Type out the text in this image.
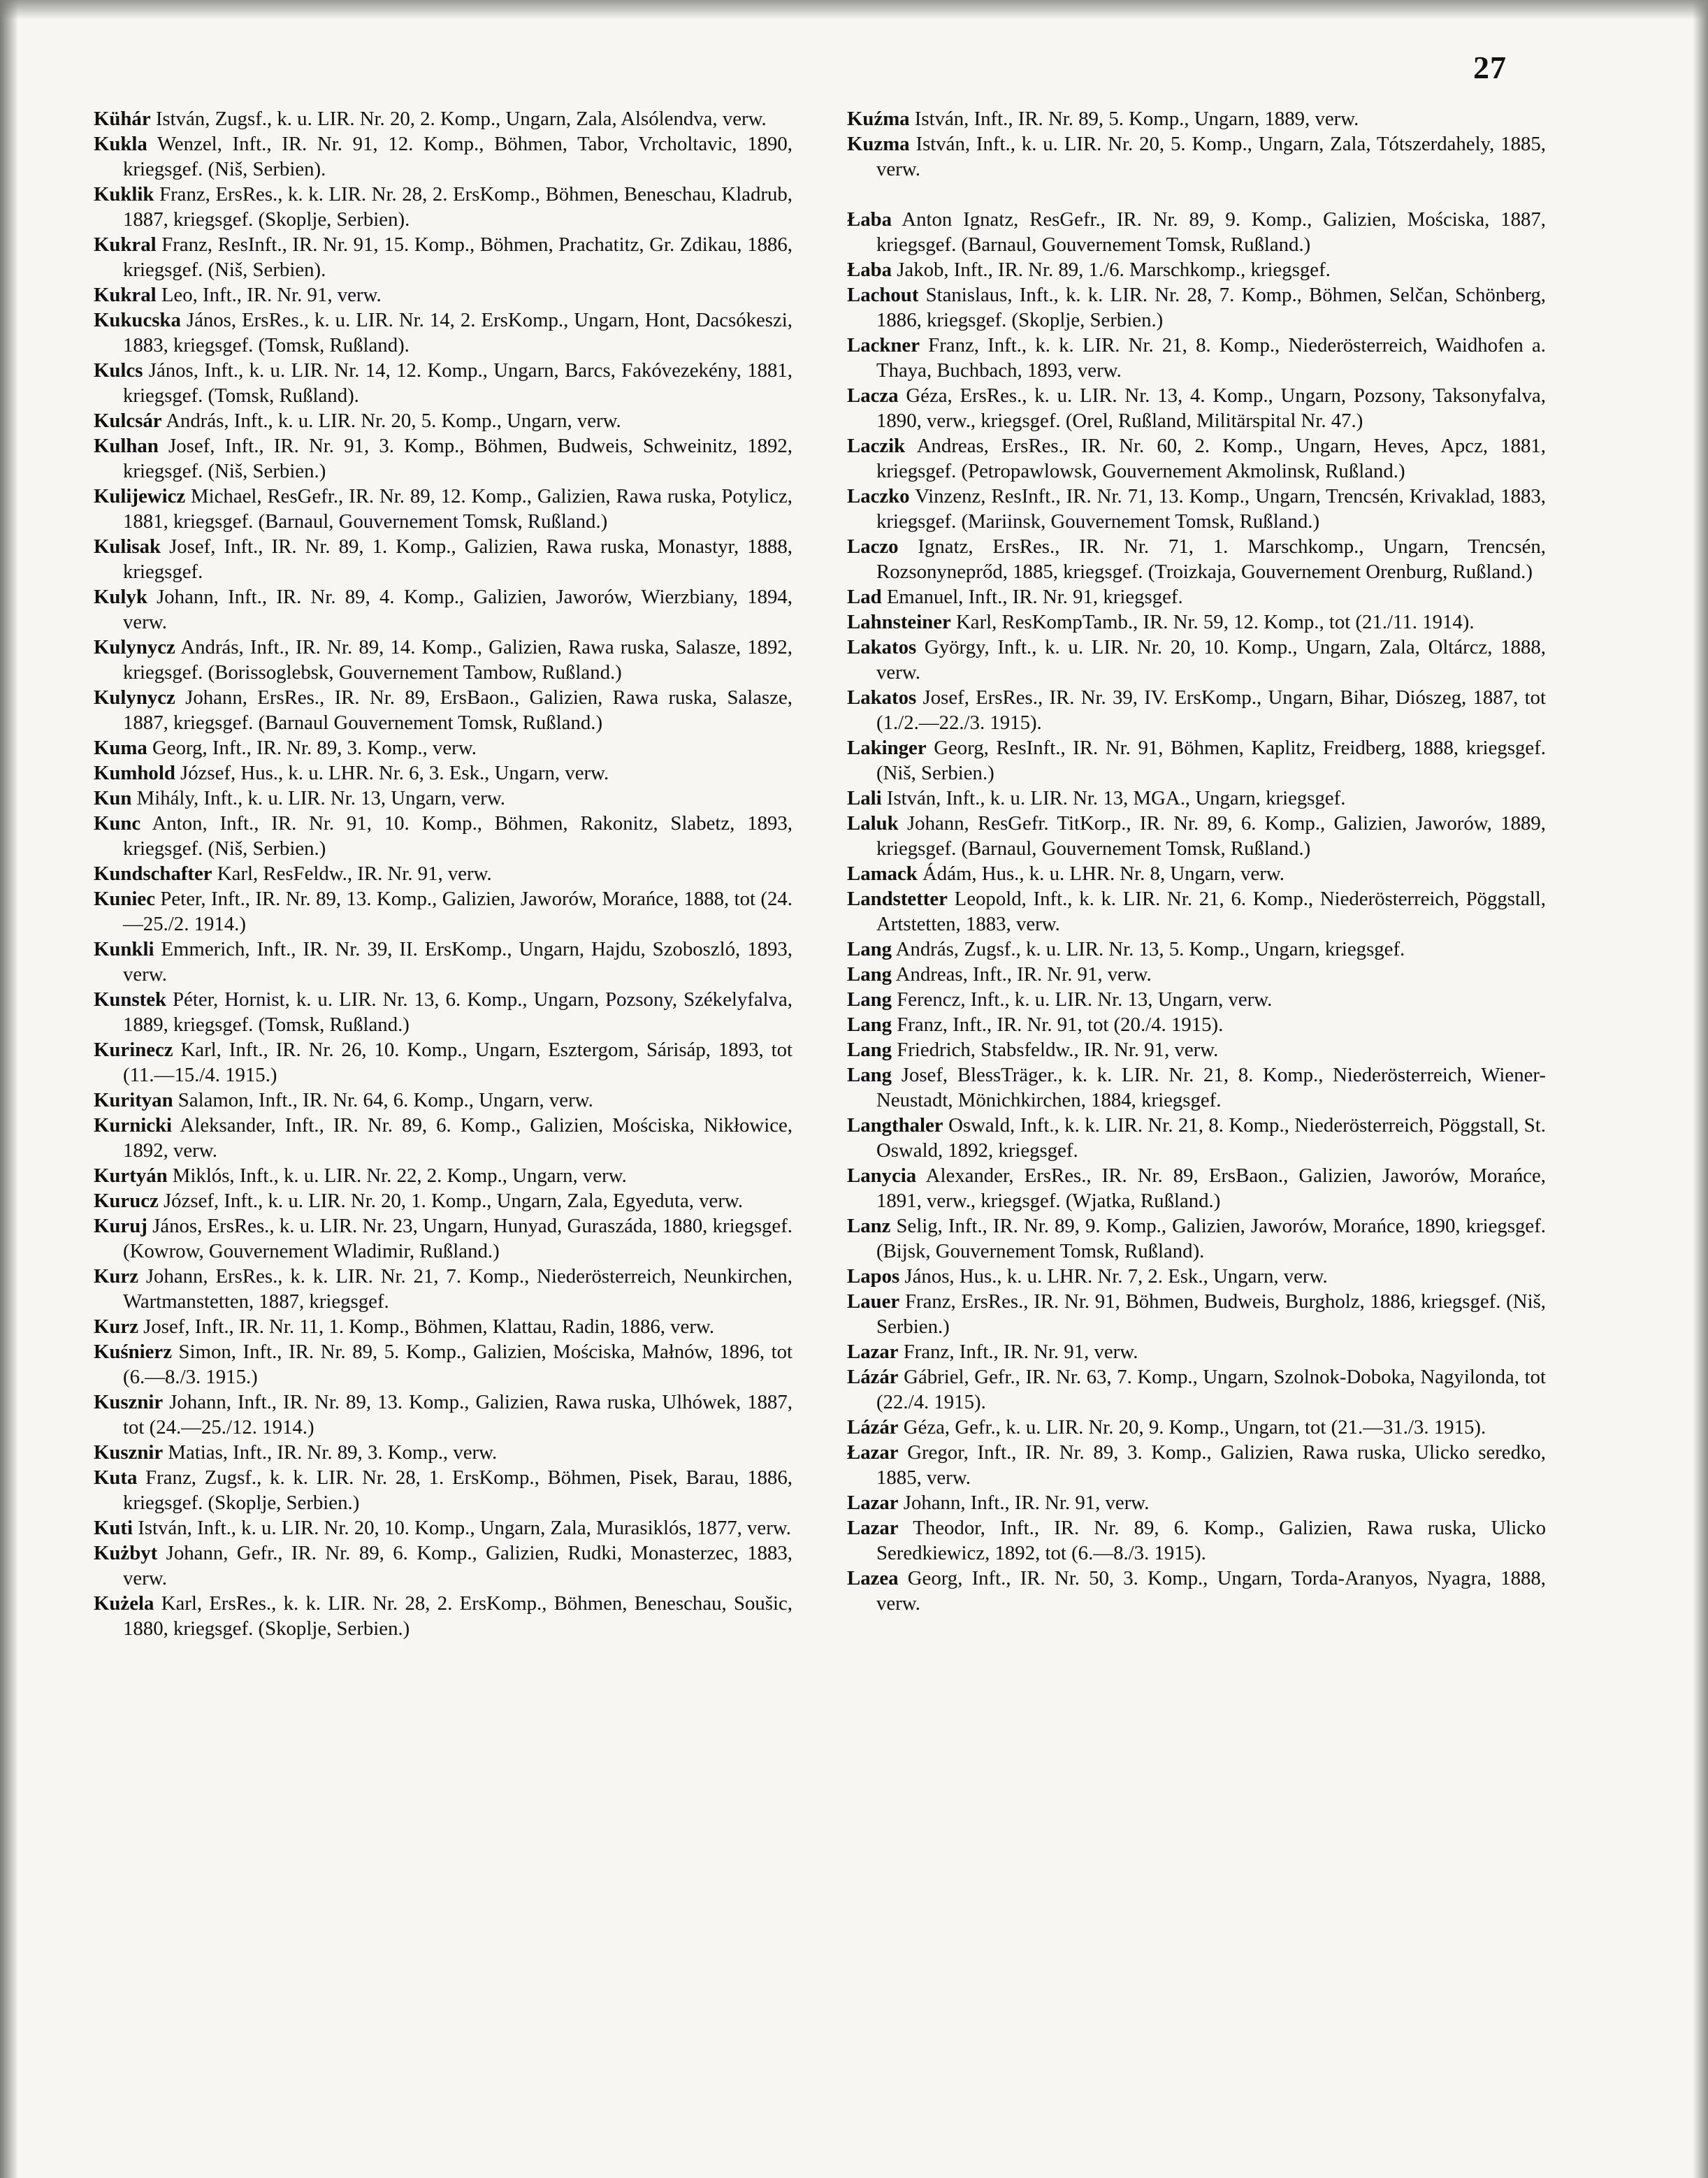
27

Kühár István, Zugsf., k. u. LIR. Nr. 20, 2. Komp., Ungarn, Zala, Alsólendva, verw.

Kukla Wenzel, Inft., IR. Nr. 91, 12. Komp., Böhmen, Tabor, Vrcholtavic, 1890, kriegsgef. (Niš, Serbien).

Kuklik Franz, ErsRes., k. k. LIR. Nr. 28, 2. ErsKomp., Böhmen, Beneschau, Kladrub, 1887, kriegsgef. (Skoplje, Serbien).

Kukral Franz, ResInft., IR. Nr. 91, 15. Komp., Böhmen, Prachatitz, Gr. Zdikau, 1886, kriegsgef. (Niš, Serbien).

Kukral Leo, Inft., IR. Nr. 91, verw.

Kukucska János, ErsRes., k. u. LIR. Nr. 14, 2. ErsKomp., Ungarn, Hont, Dacsókeszi, 1883, kriegsgef. (Tomsk, Rußland).

Kulcs János, Inft., k. u. LIR. Nr. 14, 12. Komp., Ungarn, Barcs, Fakóvezekény, 1881, kriegsgef. (Tomsk, Rußland).

Kulcsár András, Inft., k. u. LIR. Nr. 20, 5. Komp., Ungarn, verw.

Kulhan Josef, Inft., IR. Nr. 91, 3. Komp., Böhmen, Budweis, Schweinitz, 1892, kriegsgef. (Niš, Serbien.)

Kulijewicz Michael, ResGefr., IR. Nr. 89, 12. Komp., Galizien, Rawa ruska, Potylicz, 1881, kriegsgef. (Barnaul, Gouvernement Tomsk, Rußland.)

Kulisak Josef, Inft., IR. Nr. 89, 1. Komp., Galizien, Rawa ruska, Monastyr, 1888, kriegsgef.

Kulyk Johann, Inft., IR. Nr. 89, 4. Komp., Galizien, Jaworów, Wierzbiany, 1894, verw.

Kulynycz András, Inft., IR. Nr. 89, 14. Komp., Galizien, Rawa ruska, Salasze, 1892, kriegsgef. (Borissoglebsk, Gouvernement Tambow, Rußland.)

Kulynycz Johann, ErsRes., IR. Nr. 89, ErsBaon., Galizien, Rawa ruska, Salasze, 1887, kriegsgef. (Barnaul Gouvernement Tomsk, Rußland.)

Kuma Georg, Inft., IR. Nr. 89, 3. Komp., verw.

Kumhold József, Hus., k. u. LHR. Nr. 6, 3. Esk., Ungarn, verw.

Kun Mihály, Inft., k. u. LIR. Nr. 13, Ungarn, verw.

Kunc Anton, Inft., IR. Nr. 91, 10. Komp., Böhmen, Rakonitz, Slabetz, 1893, kriegsgef. (Niš, Serbien.)

Kundschafter Karl, ResFeldw., IR. Nr. 91, verw.

Kuniec Peter, Inft., IR. Nr. 89, 13. Komp., Galizien, Jaworów, Morańce, 1888, tot (24.—25./2. 1914.)

Kunkli Emmerich, Inft., IR. Nr. 39, II. ErsKomp., Ungarn, Hajdu, Szoboszló, 1893, verw.

Kunstek Péter, Hornist, k. u. LIR. Nr. 13, 6. Komp., Ungarn, Pozsony, Székelyfalva, 1889, kriegsgef. (Tomsk, Rußland.)

Kurinecz Karl, Inft., IR. Nr. 26, 10. Komp., Ungarn, Esztergom, Sárisáp, 1893, tot (11.—15./4. 1915.)

Kurityan Salamon, Inft., IR. Nr. 64, 6. Komp., Ungarn, verw.

Kurnicki Aleksander, Inft., IR. Nr. 89, 6. Komp., Galizien, Mościska, Nikłowice, 1892, verw.

Kurtyán Miklós, Inft., k. u. LIR. Nr. 22, 2. Komp., Ungarn, verw.

Kurucz József, Inft., k. u. LIR. Nr. 20, 1. Komp., Ungarn, Zala, Egyeduta, verw.

Kuruj János, ErsRes., k. u. LIR. Nr. 23, Ungarn, Hunyad, Guraszáda, 1880, kriegsgef. (Kowrow, Gouvernement Wladimir, Rußland.)

Kurz Johann, ErsRes., k. k. LIR. Nr. 21, 7. Komp., Niederösterreich, Neunkirchen, Wartmanstetten, 1887, kriegsgef.

Kurz Josef, Inft., IR. Nr. 11, 1. Komp., Böhmen, Klattau, Radin, 1886, verw.

Kuśnierz Simon, Inft., IR. Nr. 89, 5. Komp., Galizien, Mościska, Małnów, 1896, tot (6.—8./3. 1915.)

Kusznir Johann, Inft., IR. Nr. 89, 13. Komp., Galizien, Rawa ruska, Ulhówek, 1887, tot (24.—25./12. 1914.)

Kusznir Matias, Inft., IR. Nr. 89, 3. Komp., verw.

Kuta Franz, Zugsf., k. k. LIR. Nr. 28, 1. ErsKomp., Böhmen, Pisek, Barau, 1886, kriegsgef. (Skoplje, Serbien.)

Kuti István, Inft., k. u. LIR. Nr. 20, 10. Komp., Ungarn, Zala, Murasiklós, 1877, verw.

Kużbyt Johann, Gefr., IR. Nr. 89, 6. Komp., Galizien, Rudki, Monasterzec, 1883, verw.

Kużela Karl, ErsRes., k. k. LIR. Nr. 28, 2. ErsKomp., Böhmen, Beneschau, Soušic, 1880, kriegsgef. (Skoplje, Serbien.)

Kuźma István, Inft., IR. Nr. 89, 5. Komp., Ungarn, 1889, verw.

Kuzma István, Inft., k. u. LIR. Nr. 20, 5. Komp., Ungarn, Zala, Tótszerdahely, 1885, verw.

Łaba Anton Ignatz, ResGefr., IR. Nr. 89, 9. Komp., Galizien, Mościska, 1887, kriegsgef. (Barnaul, Gouvernement Tomsk, Rußland.)

Łaba Jakob, Inft., IR. Nr. 89, 1./6. Marschkomp., kriegsgef.

Lachout Stanislaus, Inft., k. k. LIR. Nr. 28, 7. Komp., Böhmen, Selčan, Schönberg, 1886, kriegsgef. (Skoplje, Serbien.)

Lackner Franz, Inft., k. k. LIR. Nr. 21, 8. Komp., Niederösterreich, Waidhofen a. Thaya, Buchbach, 1893, verw.

Lacza Géza, ErsRes., k. u. LIR. Nr. 13, 4. Komp., Ungarn, Pozsony, Taksonyfalva, 1890, verw., kriegsgef. (Orel, Rußland, Militärspital Nr. 47.)

Laczik Andreas, ErsRes., IR. Nr. 60, 2. Komp., Ungarn, Heves, Apcz, 1881, kriegsgef. (Petropawlowsk, Gouvernement Akmolinsk, Rußland.)

Laczko Vinzenz, ResInft., IR. Nr. 71, 13. Komp., Ungarn, Trencsén, Krivaklad, 1883, kriegsgef. (Mariinsk, Gouvernement Tomsk, Rußland.)

Laczo Ignatz, ErsRes., IR. Nr. 71, 1. Marschkomp., Ungarn, Trencsén, Rozsonyneprőd, 1885, kriegsgef. (Troizkaja, Gouvernement Orenburg, Rußland.)

Lad Emanuel, Inft., IR. Nr. 91, kriegsgef.

Lahnsteiner Karl, ResKompTamb., IR. Nr. 59, 12. Komp., tot (21./11. 1914).

Lakatos György, Inft., k. u. LIR. Nr. 20, 10. Komp., Ungarn, Zala, Oltárcz, 1888, verw.

Lakatos Josef, ErsRes., IR. Nr. 39, IV. ErsKomp., Ungarn, Bihar, Diószeg, 1887, tot (1./2.—22./3. 1915).

Lakinger Georg, ResInft., IR. Nr. 91, Böhmen, Kaplitz, Freidberg, 1888, kriegsgef. (Niš, Serbien.)

Lali István, Inft., k. u. LIR. Nr. 13, MGA., Ungarn, kriegsgef.

Laluk Johann, ResGefr. TitKorp., IR. Nr. 89, 6. Komp., Galizien, Jaworów, 1889, kriegsgef. (Barnaul, Gouvernement Tomsk, Rußland.)

Lamack Ádám, Hus., k. u. LHR. Nr. 8, Ungarn, verw.

Landstetter Leopold, Inft., k. k. LIR. Nr. 21, 6. Komp., Niederösterreich, Pöggstall, Artstetten, 1883, verw.

Lang András, Zugsf., k. u. LIR. Nr. 13, 5. Komp., Ungarn, kriegsgef.

Lang Andreas, Inft., IR. Nr. 91, verw.

Lang Ferencz, Inft., k. u. LIR. Nr. 13, Ungarn, verw.

Lang Franz, Inft., IR. Nr. 91, tot (20./4. 1915).

Lang Friedrich, Stabsfeldw., IR. Nr. 91, verw.

Lang Josef, BlessTräger., k. k. LIR. Nr. 21, 8. Komp., Niederösterreich, Wiener-Neustadt, Mönichkirchen, 1884, kriegsgef.

Langthaler Oswald, Inft., k. k. LIR. Nr. 21, 8. Komp., Niederösterreich, Pöggstall, St. Oswald, 1892, kriegsgef.

Lanycia Alexander, ErsRes., IR. Nr. 89, ErsBaon., Galizien, Jaworów, Morańce, 1891, verw., kriegsgef. (Wjatka, Rußland.)

Lanz Selig, Inft., IR. Nr. 89, 9. Komp., Galizien, Jaworów, Morańce, 1890, kriegsgef. (Bijsk, Gouvernement Tomsk, Rußland).

Lapos János, Hus., k. u. LHR. Nr. 7, 2. Esk., Ungarn, verw.

Lauer Franz, ErsRes., IR. Nr. 91, Böhmen, Budweis, Burgholz, 1886, kriegsgef. (Niš, Serbien.)

Lazar Franz, Inft., IR. Nr. 91, verw.

Lázár Gábriel, Gefr., IR. Nr. 63, 7. Komp., Ungarn, Szolnok-Doboka, Nagyilonda, tot (22./4. 1915).

Lázár Géza, Gefr., k. u. LIR. Nr. 20, 9. Komp., Ungarn, tot (21.—31./3. 1915).

Łazar Gregor, Inft., IR. Nr. 89, 3. Komp., Galizien, Rawa ruska, Ulicko seredko, 1885, verw.

Lazar Johann, Inft., IR. Nr. 91, verw.

Lazar Theodor, Inft., IR. Nr. 89, 6. Komp., Galizien, Rawa ruska, Ulicko Seredkiewicz, 1892, tot (6.—8./3. 1915).

Lazea Georg, Inft., IR. Nr. 50, 3. Komp., Ungarn, Torda-Aranyos, Nyagra, 1888, verw.
